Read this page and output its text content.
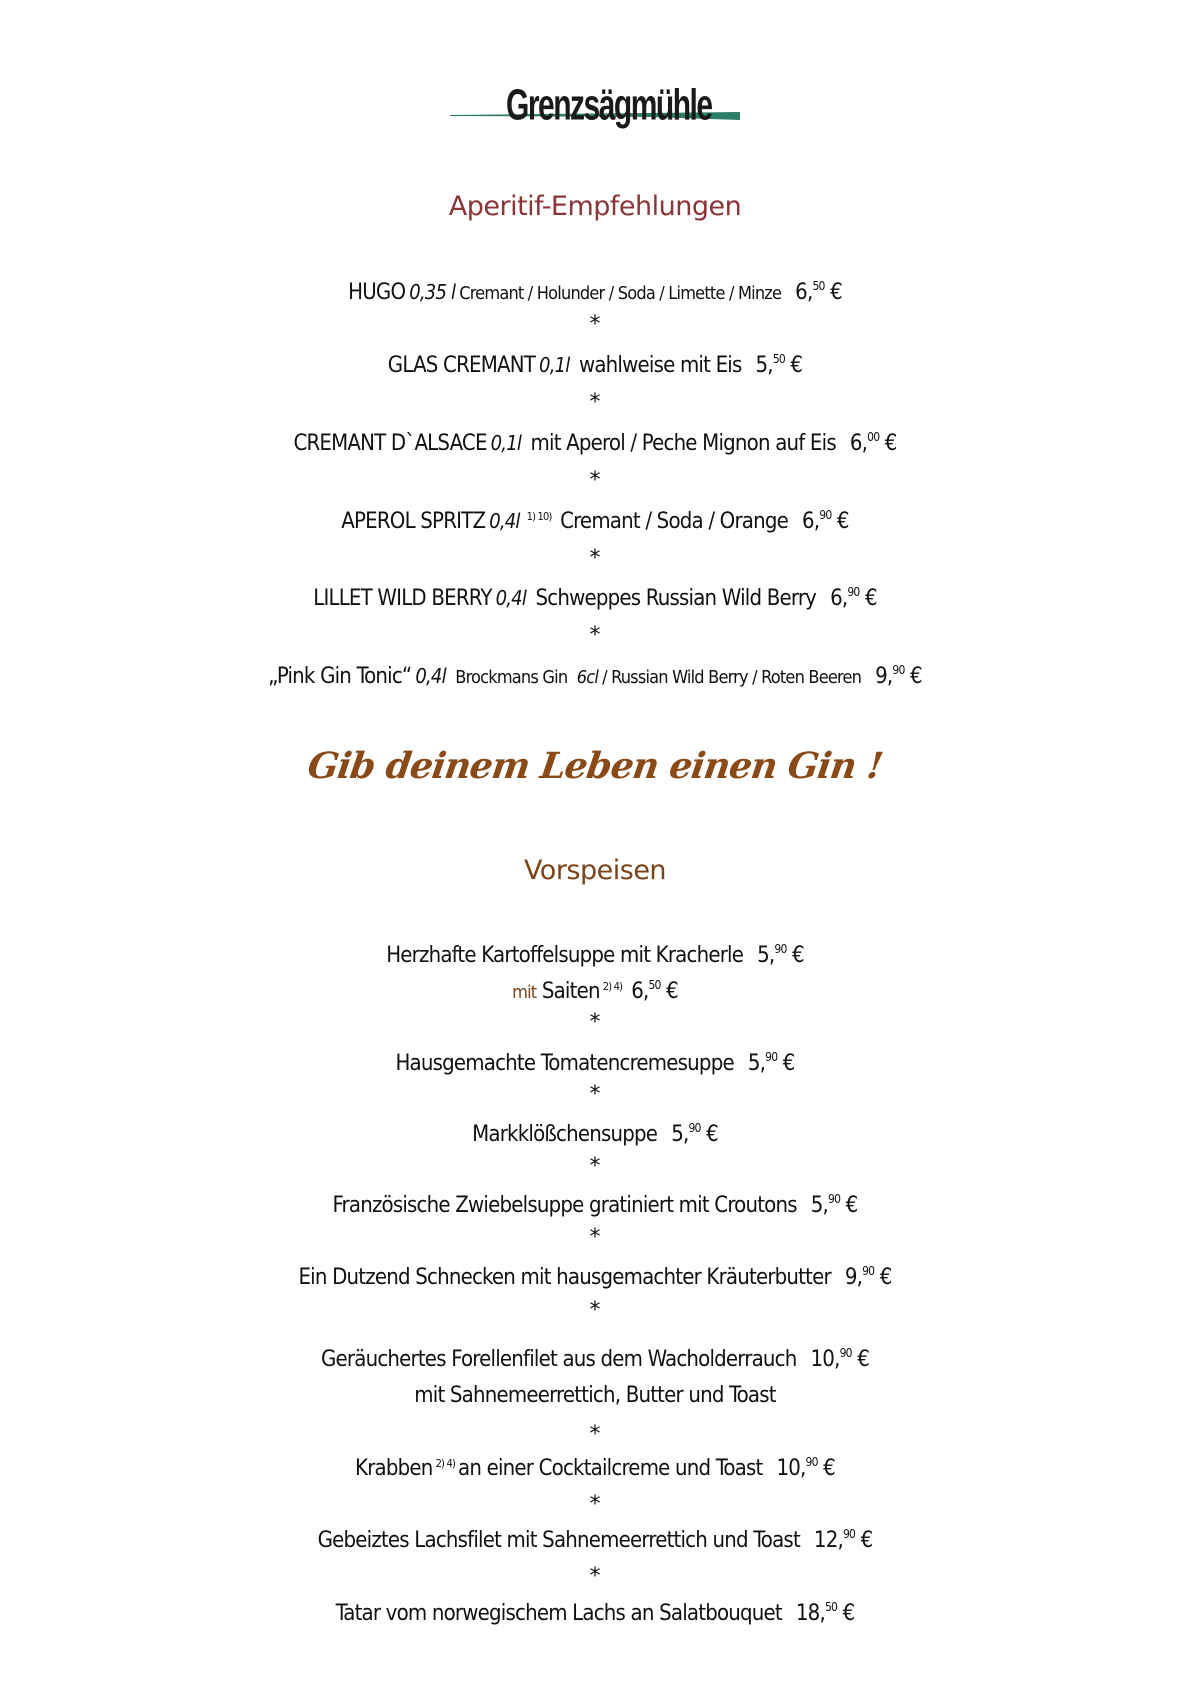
Grenzsägmühle
Aperitif-Empfehlungen
HUGO 0,35 l Cremant / Holunder / Soda / Limette / Minze 6,50 €
*
GLAS CREMANT 0,1l wahlweise mit Eis 5,50 €
*
CREMANT D`ALSACE 0,1l mit Aperol / Peche Mignon auf Eis 6,00 €
*
APEROL SPRITZ 0,4l $^{1) 10)}$ Cremant / Soda / Orange 6,90 €
*
LILLET WILD BERRY 0,4l Schweppes Russian Wild Berry 6,90 €
*
„Pink Gin Tonic“ 0,4l Brockmans Gin 6cl / Russian Wild Berry / Roten Beeren 9,90 €
Gib deinem Leben einen Gin !
Vorspeisen
Herzhafte Kartoffelsuppe mit Kracherle 5,90 €
mit Saiten $^{2) 4)}$ 6,50 €
*
Hausgemachte Tomatencremesuppe 5,90 €
*
Markklößchensuppe 5,90 €
*
Französische Zwiebelsuppe gratiniert mit Croutons 5,90 €
*
Ein Dutzend Schnecken mit hausgemachter Kräuterbutter 9,90 €
*
Geräuchertes Forellenfilet aus dem Wacholderrauch 10,90 €
mit Sahnemeerrettich, Butter und Toast
*
Krabben $^{2) 4)}$ an einer Cocktailcreme und Toast 10,90 €
*
Gebeiztes Lachsfilet mit Sahnemeerrettich und Toast 12,90 €
*
Tatar vom norwegischem Lachs an Salatbouquet 18,50 €
